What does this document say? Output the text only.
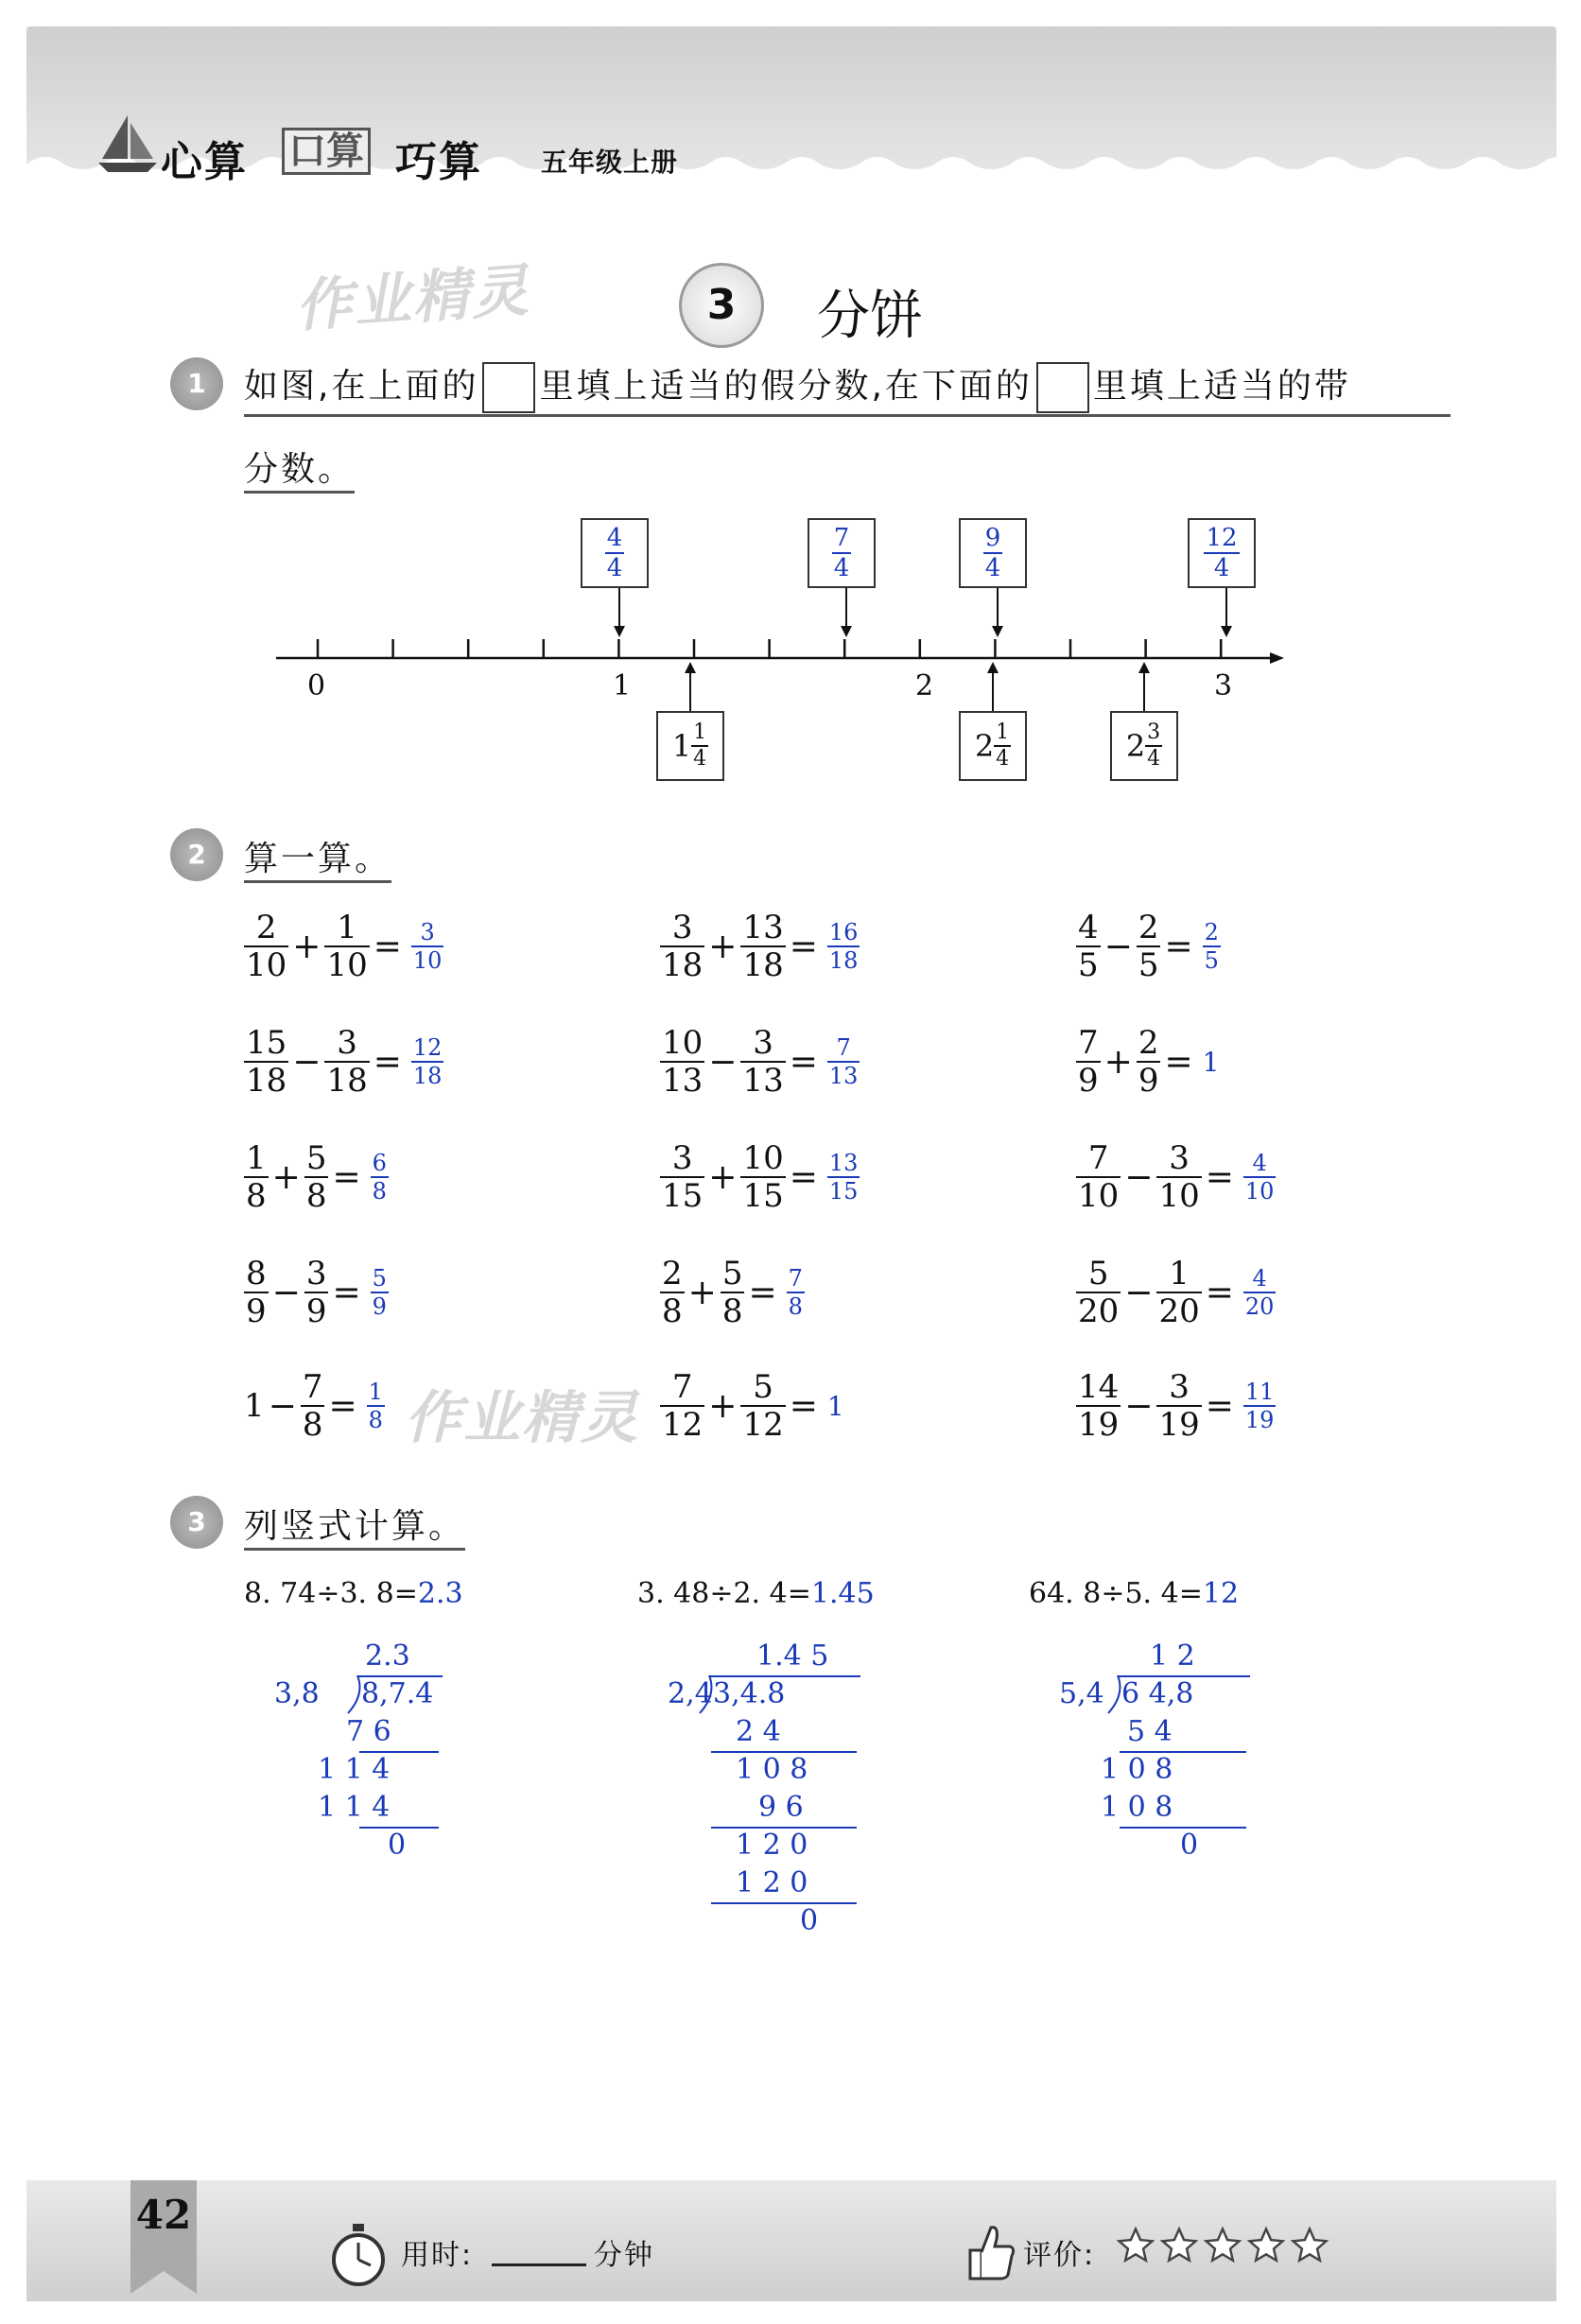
心算 口算 巧算 五年级上册
作业精灵
作业精灵
3	分饼
1	如图,在上面的 里填上适当的假分数,在下面的 里填上适当的带
分数。
0	1	2	3
$\frac{4}{4}$	$\frac{7}{4}$	$\frac{9}{4}$	$\frac{12}{4}$
$1 \frac{1}{4}$	$2 \frac{1}{4}$	$2 \frac{3}{4}$
2	算一算。
$\frac{2}{10} + \frac{1}{10} = \frac{3}{10}$	$\frac{3}{18} + \frac{13}{18} = \frac{16}{18}$	$\frac{4}{5} - \frac{2}{5} = \frac{2}{5}$
$\frac{15}{18} - \frac{3}{18} = \frac{12}{18}$	$\frac{10}{13} - \frac{3}{13} = \frac{7}{13}$	$\frac{7}{9} + \frac{2}{9} = 1$
$\frac{1}{8} + \frac{5}{8} = \frac{6}{8}$	$\frac{3}{15} + \frac{10}{15} = \frac{13}{15}$	$\frac{7}{10} - \frac{3}{10} = \frac{4}{10}$
$\frac{8}{9} - \frac{3}{9} = \frac{5}{9}$	$\frac{2}{8} + \frac{5}{8} = \frac{7}{8}$	$\frac{5}{20} - \frac{1}{20} = \frac{4}{20}$
$1 - \frac{7}{8} = \frac{1}{8}$	$\frac{7}{12} + \frac{5}{12} = 1$	$\frac{14}{19} - \frac{3}{19} = \frac{11}{19}$
3	列竖式计算。
8. 74÷3. 8=2.3
2.3
3,8 8,7.4
7 6
1 1 4
1 1 4
0
3. 48÷2. 4=1.45
1.4 5
2,4 3,4.8
2 4
1 0 8
9 6
1 2 0
1 2 0
0
64. 8÷5. 4=12
1 2
5,4 6 4,8
5 4
1 0 8
1 0 8
0
42
用时:	分钟	评价:
